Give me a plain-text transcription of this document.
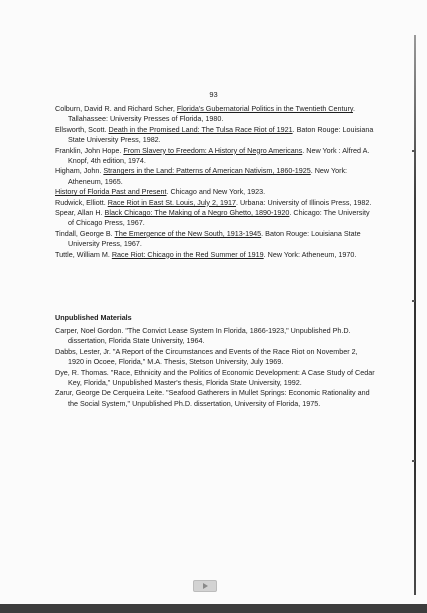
93

Colburn, David R. and Richard Scher, Florida's Gubernatorial Politics in the Twentieth Century. Tallahassee: University Presses of Florida, 1980.

Ellsworth, Scott. Death in the Promised Land: The Tulsa Race Riot of 1921. Baton Rouge: Louisiana State University Press, 1982.

Franklin, John Hope. From Slavery to Freedom: A History of Negro Americans. New York : Alfred A. Knopf, 4th edition, 1974.

Higham, John. Strangers in the Land: Patterns of American Nativism, 1860-1925. New York: Atheneum, 1965.

History of Florida Past and Present. Chicago and New York, 1923.

Rudwick, Elliott. Race Riot in East St. Louis, July 2, 1917. Urbana: University of Illinois Press, 1982.

Spear, Allan H. Black Chicago: The Making of a Negro Ghetto, 1890-1920. Chicago: The University of Chicago Press, 1967.

Tindall, George B. The Emergence of the New South, 1913-1945. Baton Rouge: Louisiana State University Press, 1967.

Tuttle, William M. Race Riot: Chicago in the Red Summer of 1919. New York: Atheneum, 1970.

Unpublished Materials

Carper, Noel Gordon. "The Convict Lease System In Florida, 1866-1923," Unpublished Ph.D. dissertation, Florida State University, 1964.

Dabbs, Lester, Jr. "A Report of the Circumstances and Events of the Race Riot on November 2, 1920 in Ocoee, Florida," M.A. Thesis, Stetson University, July 1969.

Dye, R. Thomas. "Race, Ethnicity and the Politics of Economic Development: A Case Study of Cedar Key, Florida," Unpublished Master's thesis, Florida State University, 1992.

Zarur, George De Cerqueira Leite. "Seafood Gatherers in Mullet Springs: Economic Rationality and the Social System," Unpublished Ph.D. dissertation, University of Florida, 1975.
